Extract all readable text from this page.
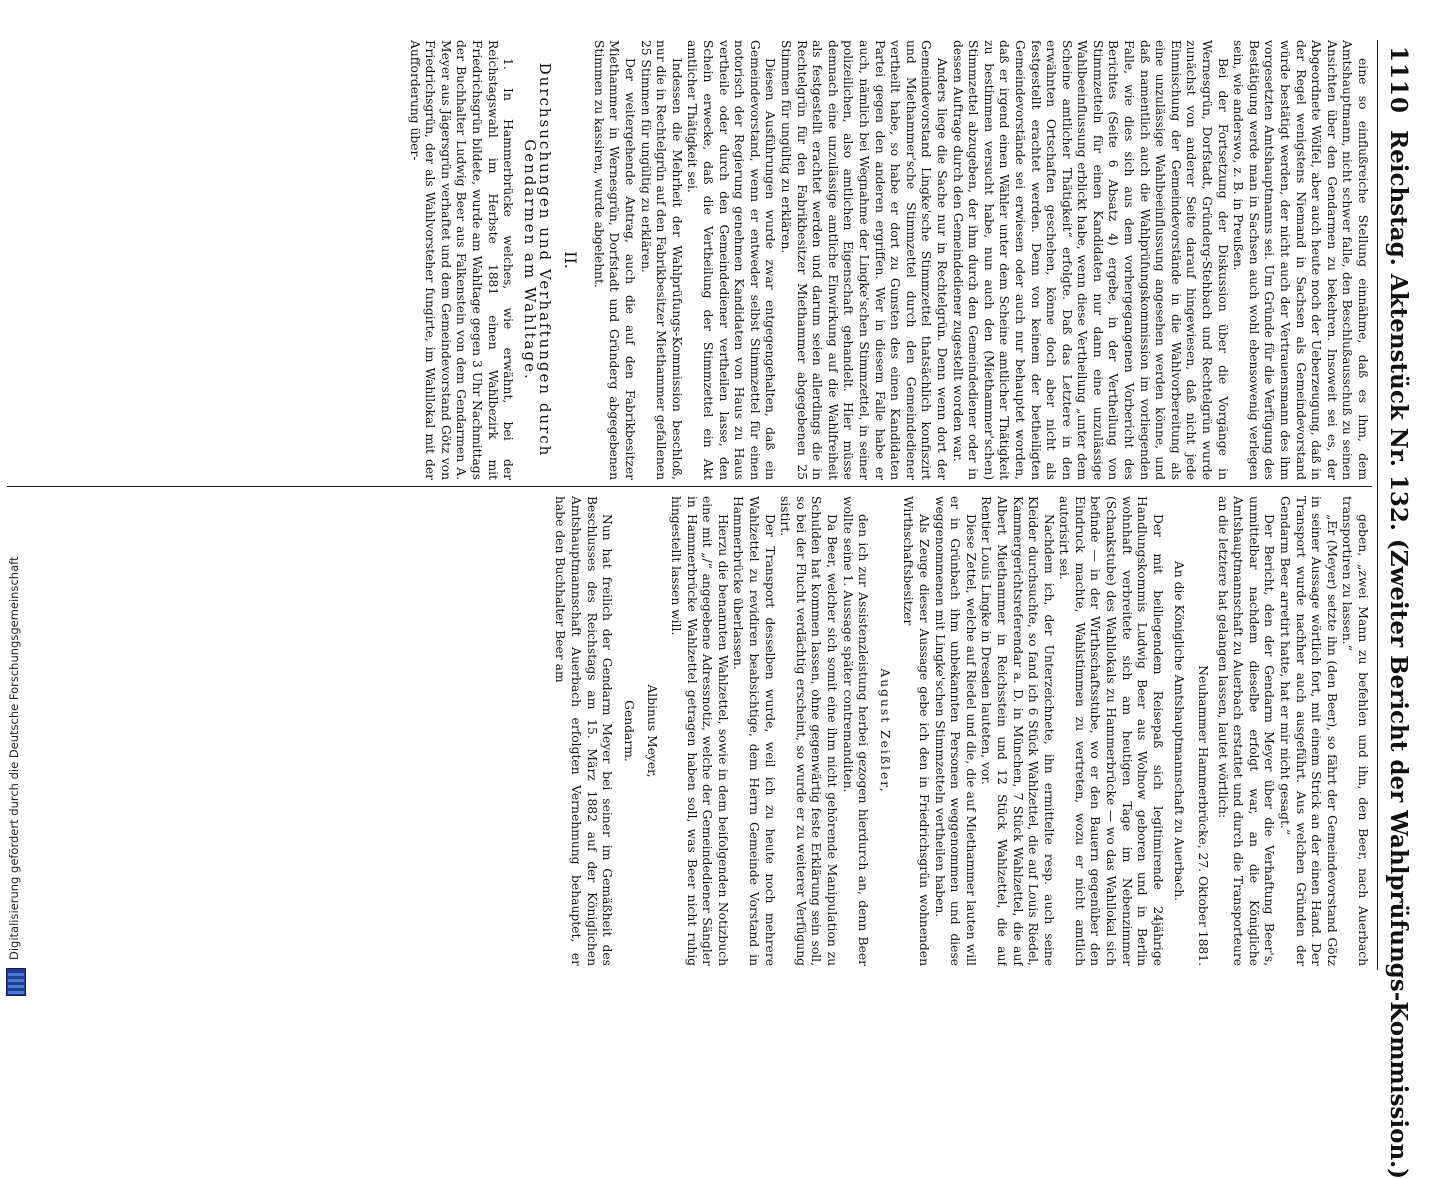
1110
Reichstag. Aktenstück Nr. 132. (Zweiter Bericht der Wahlprüfungs-Kommission.)

eine so einflußreiche Stellung einnähme, daß es ihm, dem Amtshauptmann, nicht schwer falle, den Beschlußausschuß zu seinen Ansichten über den Gendarmen zu bekehren. Insoweit sei es, der Abgeordnete Wölfel, aber auch heute noch der Ueberzeugung, daß in der Regel wenigstens Niemand in Sachsen als Gemeindevorstand würde bestätigt werden, der nicht auch der Vertrauensmann des ihm vorgesetzten Amtshauptmanns sei. Um Gründe für die Verfügung des Bestätigung werde man in Sachsen auch wohl ebensowenig verlegen sein, wie anderswo, z. B. in Preußen.

Bei der Fortsetzung der Diskussion über die Vorgänge in Wernesgrün, Dorfstadt, Gründerg-Stehbach und Rechtelgrün wurde zunächst von anderer Seite darauf hingewiesen, daß nicht jede Einmischung der Gemeindevorstände in die Wahlvorbereitung als eine unzulässige Wahlbeeinflussung angesehen werden könne, und daß namentlich auch die Wahlprüfungskommission im vorliegenden Falle, wie dies sich aus dem vorhergegangenen Vorbericht des Berichtes (Seite 6 Absatz 4) ergebe, in der Vertheilung von Stimmzetteln für einen Kandidaten nur dann eine unzulässige Wahlbeeinflussung erblickt habe, wenn diese Vertheilung „unter dem Scheine amtlicher Thätigkeit“ erfolgte. Daß das Letztere in den erwähnten Ortschaften geschehen, könne doch aber nicht als festgestellt erachtet werden. Denn von keinem der betheiligten Gemeindevorstände sei erwiesen oder auch nur behauptet worden, daß er irgend einen Wähler unter dem Scheine amtlicher Thätigkeit zu bestimmen versucht habe, nun auch den (Miethammer'schen) Stimmzettel abzugeben, der ihm durch den Gemeindediener oder in dessen Auftrage durch den Gemeindediener zugestellt worden war.

Anders liege die Sache nur in Rechtelgrün. Denn wenn dort der Gemeindevorstand Lingke'sche Stimmzettel thatsächlich konfiszirt und Miethammer'sche Stimmzettel durch den Gemeindediener vertheilt habe, so habe er dort zu Gunsten des einen Kandidaten Partei gegen den anderen ergriffen. Wer in diesem Falle habe er auch, nämlich bei Wegnahme der Lingke'schen Stimmzettel, in seiner polizeilichen, also amtlichen Eigenschaft gehandelt. Hier müsse demnach eine unzulässige amtliche Einwirkung auf die Wahlfreiheit als festgestellt erachtet werden und darum seien allerdings die in Rechtelgrün für den Fabrikbesitzer Miethammer abgegebenen 25 Stimmen für ungültig zu erklären.

Diesen Ausführungen wurde zwar entgegengehalten, daß ein Gemeindevorstand, wenn er entweder selbst Stimmzettel für einen notorisch der Regierung genehmen Kandidaten von Haus zu Haus vertheile oder durch den Gemeindediener vertheilen lasse, den Schein erwecke, daß die Vertheilung der Stimmzettel ein Akt amtlicher Thätigkeit sei.

Indessen die Mehrheit der Wahlprüfungs-Kommission beschloß, nur die in Rechtelgrün auf den Fabrikbesitzer Miethammer gefallenen 25 Stimmen für ungültig zu erklären.

Der weitergehende Antrag, auch die auf den Fabrikbesitzer Miethammer in Wernesgrün, Dorfstadt und Gründerg abgegebenen Stimmen zu kassiren, wurde abgelehnt.

II.

Durchsuchungen und Verhaftungen durch Gendarmen am Wahltage.

1. In Hammerbrücke welches, wie erwähnt, bei der Reichstagswahl im Herbste 1881 einen Wahlbezirk mit Friedrichsgrün bildete, wurde am Wahltage gegen 3 Uhr Nachmittags der Buchhalter Ludwig Beer aus Falkenstein von dem Gendarmen A. Meyer aus Jägersgrün verhaftet und dem Gemeindevorstand Götz von Friedrichsgrün, der als Wahlvorsteher fungirte, im Wahllokal mit der Aufforderung über-

geben, „zwei Mann zu befehlen und ihn, den Beer, nach Auerbach transportiren zu lassen.“

„Er (Meyer) setzte ihn (den Beer), so fährt der Gemeindevorstand Götz in seiner Aussage wörtlich fort, mit einem Strick an der einen Hand. Der Transport wurde nachher auch ausgeführt. Aus welchen Gründen der Gendarm Beer arretirt hatte, hat er mir nicht gesagt.“

Der Bericht, den der Gendarm Meyer über die Verhaftung Beer's, unmittelbar nachdem dieselbe erfolgt war, an die Königliche Amtshauptmannschaft zu Auerbach erstattet und durch die Transporteure an die letztere hat gelangen lassen, lautet wörtlich:

Neuhammer Hammerbrücke, 27. Oktober 1881.

An die Königliche Amtshauptmannschaft zu Auerbach.

Der mit beiliegendem Reisepaß sich legitimirende 24jährige Handlungskommis Ludwig Beer aus Wolnow geboren und in Berlin wohnhaft verbreitete sich am heutigen Tage im Nebenzimmer (Schankstube) des Wahllokals zu Hammerbrücke — wo das Wahllokal sich befinde — in der Wirthschaftsstube, wo er den Bauern gegenüber den Eindruck machte, Wahlstimmen zu vertreten, wozu er nicht amtlich autorisirt sei.

Nachdem ich, der Unterzeichnete, ihn ermittelte resp. auch seine Kleider durchsuchte, so fand ich 6 Stück Wahlzettel, die auf Louis Riedel, Kammergerichtsreferendar a. D. in München, 7 Stück Wahlzettel, die auf Albert Miethammer in Reichsstein und 12 Stück Wahlzettel, die auf Rentier Louis Lingke in Dresden lauteten, vor.

Diese Zettel, welche auf Riedel und die, die auf Miethammer lauten will er in Grünbach ihm unbekannten Personen weggenommen und diese weggenommenen mit Lingke'schen Stimmzetteln vertheilen haben.

Als Zeuge dieser Aussage gebe ich den in Friedrichsgrün wohnenden Wirthschaftsbesitzer

August Zeißler,

den ich zur Assistenzleistung herbei gezogen hierdurch an, denn Beer wollte seine 1. Aussage später contremanditen.

Da Beer, welcher sich somit eine ihm nicht gehörende Manipulation zu Schulden hat kommen lassen, ohne gegenwärtig feste Erklärung sein soll, so bei der Flucht verdächtig erscheint, so wurde er zu weiterer Verfügung sistirt.

Der Transport desselben wurde, weil ich zu heute noch mehrere Wahlzettel zu revidiren beabsichtige, dem Herrn Gemeinde Vorstand in Hammerbrücke überlassen.

Hierzu die benannten Wahlzettel, sowie in dem beifolgenden Notizbuch eine mit „/“ angegebene Adressnotiz, welche der Gemeindediener Sängler in Hammerbrücke Wahlzettel getragen haben soll, was Beer nicht ruhig hingestellt lassen will.

Albinus Meyer,

Gendarm.

Nun hat freilich der Gendarm Meyer bei seiner im Gemäßheit des Beschlusses des Reichstags am 15. März 1882 auf der Königlichen Amtshauptmannschaft Auerbach erfolgten Vernehmung behauptet, er habe den Buchhalter Beer am

Digitalisierung gefördert durch die Deutsche Forschungsgemeinschaft
